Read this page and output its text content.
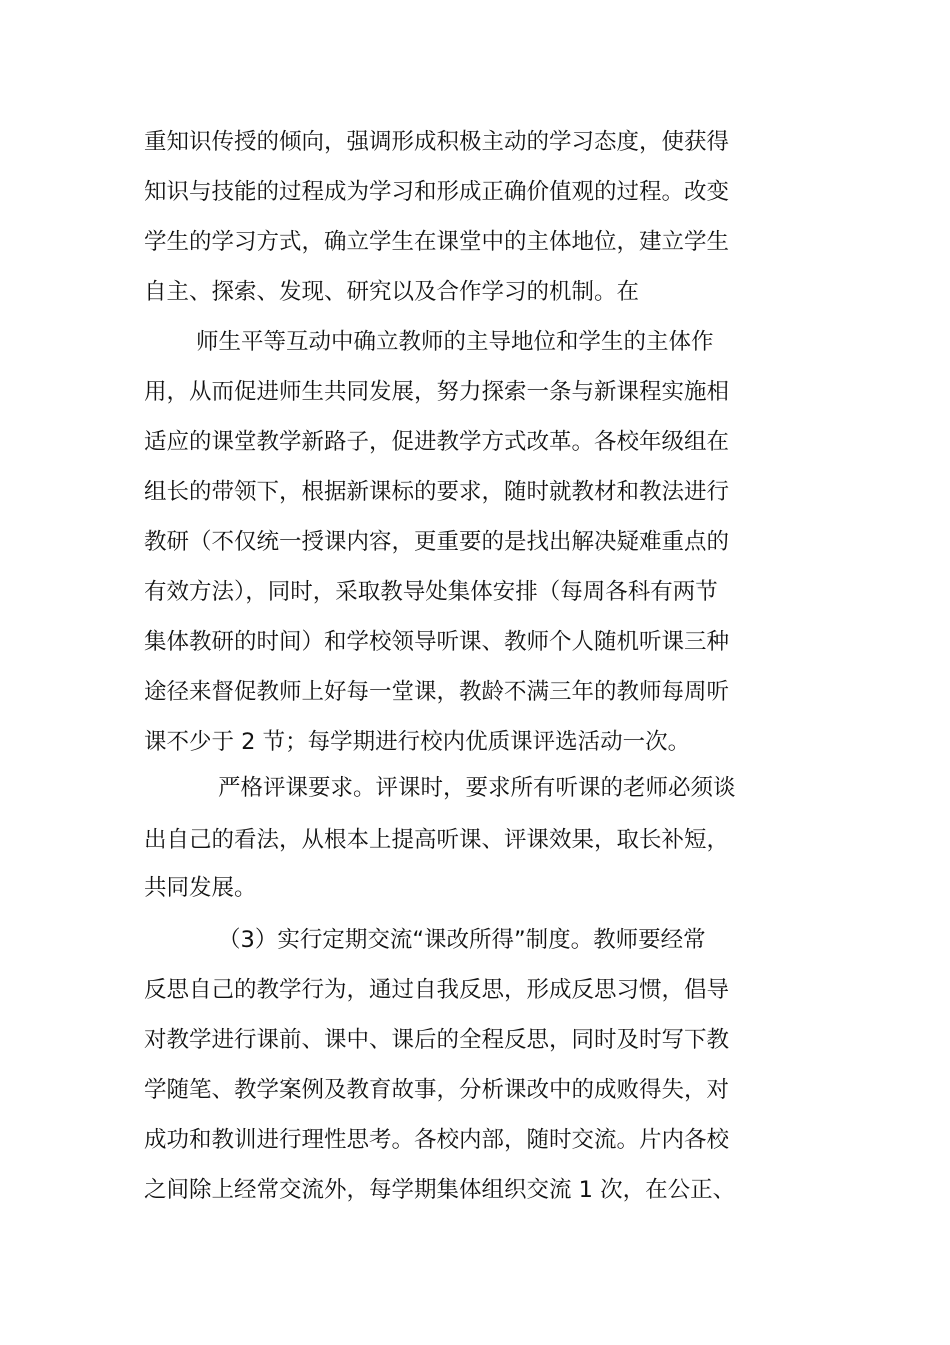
重知识传授的倾向，强调形成积极主动的学习态度，使获得
知识与技能的过程成为学习和形成正确价值观的过程。改变
学生的学习方式，确立学生在课堂中的主体地位，建立学生
自主、探索、发现、研究以及合作学习的机制。在
师生平等互动中确立教师的主导地位和学生的主体作
用，从而促进师生共同发展，努力探索一条与新课程实施相
适应的课堂教学新路子，促进教学方式改革。各校年级组在
组长的带领下，根据新课标的要求，随时就教材和教法进行
教研（不仅统一授课内容，更重要的是找出解决疑难重点的
有效方法），同时，采取教导处集体安排（每周各科有两节
集体教研的时间）和学校领导听课、教师个人随机听课三种
途径来督促教师上好每一堂课，教龄不满三年的教师每周听
课不少于 2 节；每学期进行校内优质课评选活动一次。
严格评课要求。评课时，要求所有听课的老师必须谈
出自己的看法，从根本上提高听课、评课效果，取长补短，
共同发展。
（3）实行定期交流“课改所得”制度。教师要经常
反思自己的教学行为，通过自我反思，形成反思习惯，倡导
对教学进行课前、课中、课后的全程反思，同时及时写下教
学随笔、教学案例及教育故事，分析课改中的成败得失，对
成功和教训进行理性思考。各校内部，随时交流。片内各校
之间除上经常交流外，每学期集体组织交流 1 次，在公正、
